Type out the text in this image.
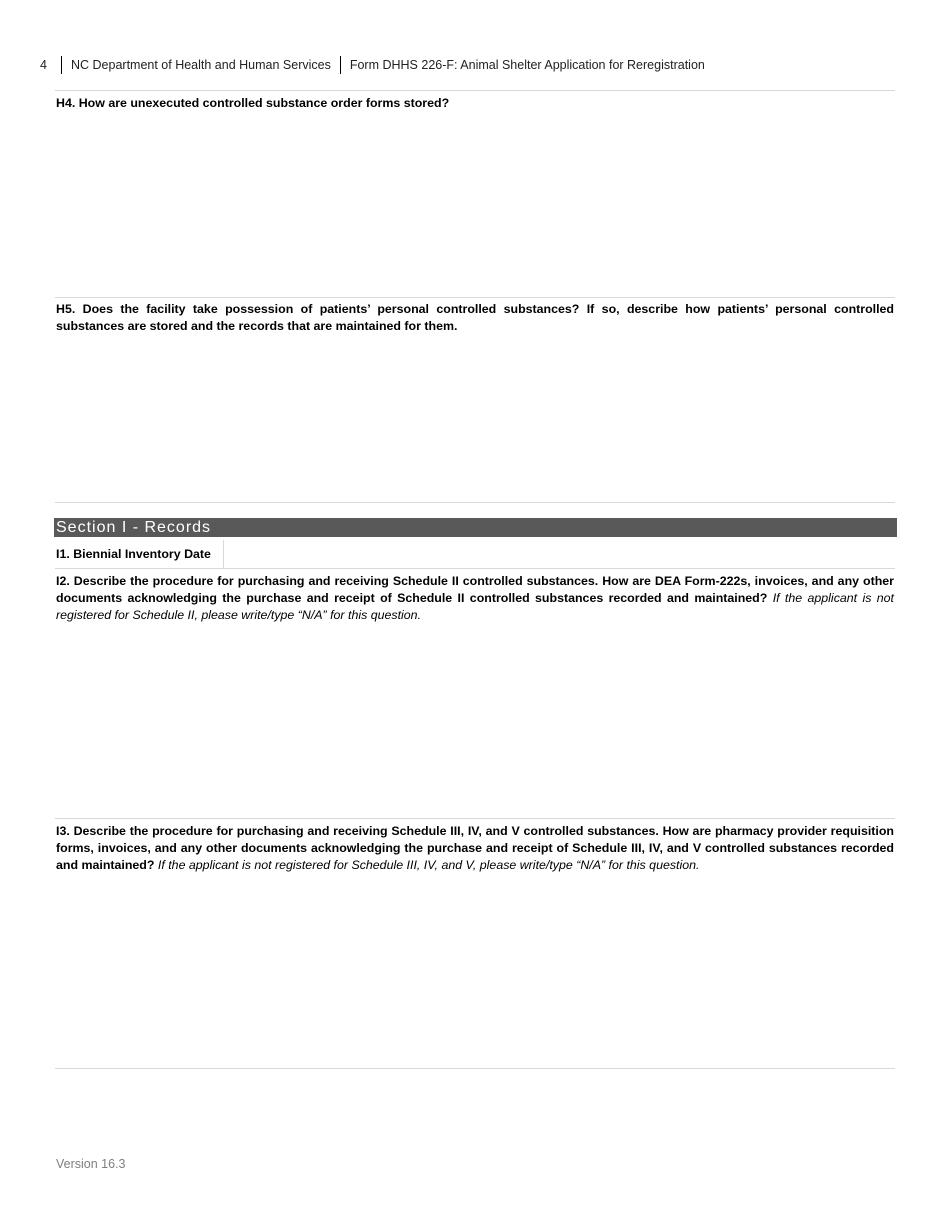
4	NC Department of Health and Human Services Form DHHS 226-F: Animal Shelter Application for Reregistration
H4. How are unexecuted controlled substance order forms stored?
H5. Does the facility take possession of patients’ personal controlled substances? If so, describe how patients’ personal controlled substances are stored and the records that are maintained for them.
Section I - Records
I1. Biennial Inventory Date
I2. Describe the procedure for purchasing and receiving Schedule II controlled substances. How are DEA Form-222s, invoices, and any other documents acknowledging the purchase and receipt of Schedule II controlled substances recorded and maintained? If the applicant is not registered for Schedule II, please write/type “N/A” for this question.
I3. Describe the procedure for purchasing and receiving Schedule III, IV, and V controlled substances. How are pharmacy provider requisition forms, invoices, and any other documents acknowledging the purchase and receipt of Schedule III, IV, and V controlled substances recorded and maintained? If the applicant is not registered for Schedule III, IV, and V, please write/type “N/A” for this question.
Version 16.3
